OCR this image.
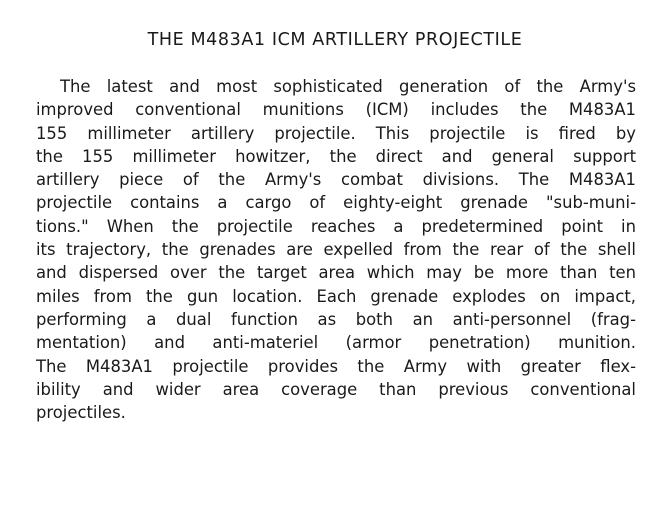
THE M483A1 ICM ARTILLERY PROJECTILE
The latest and most sophisticated generation of the Army's
improved conventional munitions (ICM) includes the M483A1
155 millimeter artillery projectile. This projectile is fired by
the 155 millimeter howitzer, the direct and general support
artillery piece of the Army's combat divisions. The M483A1
projectile contains a cargo of eighty-eight grenade "sub-muni-
tions." When the projectile reaches a predetermined point in
its trajectory, the grenades are expelled from the rear of the shell
and dispersed over the target area which may be more than ten
miles from the gun location. Each grenade explodes on impact,
performing a dual function as both an anti-personnel (frag-
mentation) and anti-materiel (armor penetration) munition.
The M483A1 projectile provides the Army with greater flex-
ibility and wider area coverage than previous conventional
projectiles.
